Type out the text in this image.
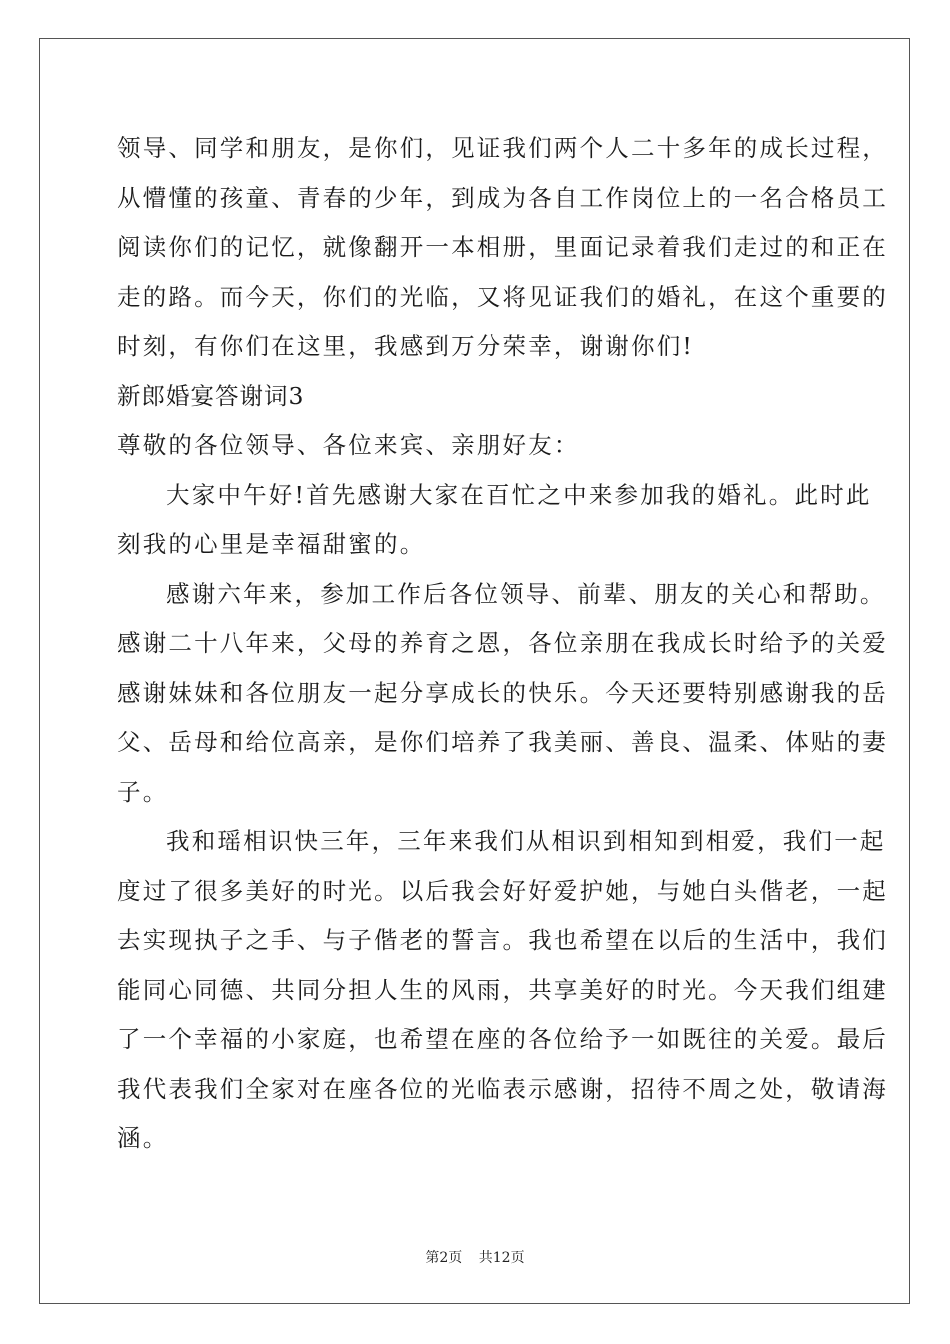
领导、同学和朋友，是你们，见证我们两个人二十多年的成长过程，
从懵懂的孩童、青春的少年，到成为各自工作岗位上的一名合格员工
阅读你们的记忆，就像翻开一本相册，里面记录着我们走过的和正在
走的路。而今天，你们的光临，又将见证我们的婚礼，在这个重要的
时刻，有你们在这里，我感到万分荣幸，谢谢你们!
新郎婚宴答谢词3
尊敬的各位领导、各位来宾、亲朋好友：
大家中午好!首先感谢大家在百忙之中来参加我的婚礼。此时此
刻我的心里是幸福甜蜜的。
感谢六年来，参加工作后各位领导、前辈、朋友的关心和帮助。
感谢二十八年来，父母的养育之恩，各位亲朋在我成长时给予的关爱
感谢妹妹和各位朋友一起分享成长的快乐。今天还要特别感谢我的岳
父、岳母和给位高亲，是你们培养了我美丽、善良、温柔、体贴的妻
子。
我和瑶相识快三年，三年来我们从相识到相知到相爱，我们一起
度过了很多美好的时光。以后我会好好爱护她，与她白头偕老，一起
去实现执子之手、与子偕老的誓言。我也希望在以后的生活中，我们
能同心同德、共同分担人生的风雨，共享美好的时光。今天我们组建
了一个幸福的小家庭，也希望在座的各位给予一如既往的关爱。最后
我代表我们全家对在座各位的光临表示感谢，招待不周之处，敬请海
涵。
第2页 共12页
